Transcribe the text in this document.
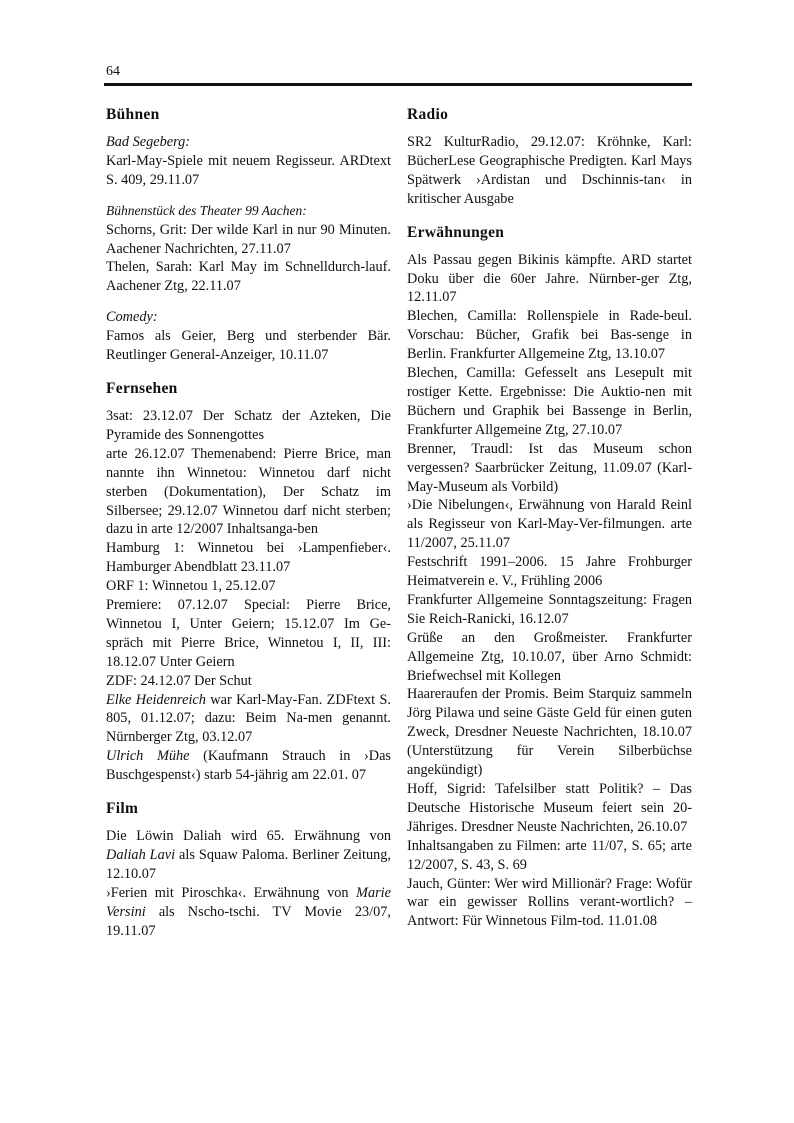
64
Bühnen

Bad Segeberg:

Karl-May-Spiele mit neuem Regisseur. ARDtext S. 409, 29.11.07

Bühnenstück des Theater 99 Aachen:

Schorns, Grit: Der wilde Karl in nur 90 Minuten. Aachener Nachrichten, 27.11.07

Thelen, Sarah: Karl May im Schnelldurch-lauf. Aachener Ztg, 22.11.07

Comedy:

Famos als Geier, Berg und sterbender Bär. Reutlinger General-Anzeiger, 10.11.07

Fernsehen

3sat: 23.12.07 Der Schatz der Azteken, Die Pyramide des Sonnengottes

arte 26.12.07 Themenabend: Pierre Brice, man nannte ihn Winnetou: Winnetou darf nicht sterben (Dokumentation), Der Schatz im Silbersee; 29.12.07 Winnetou darf nicht sterben; dazu in arte 12/2007 Inhaltsanga-ben

Hamburg 1: Winnetou bei ›Lampenfieber‹. Hamburger Abendblatt 23.11.07

ORF 1: Winnetou 1, 25.12.07

Premiere: 07.12.07 Special: Pierre Brice, Winnetou I, Unter Geiern; 15.12.07 Im Ge-spräch mit Pierre Brice, Winnetou I, II, III: 18.12.07 Unter Geiern

ZDF: 24.12.07 Der Schut

Elke Heidenreich war Karl-May-Fan. ZDFtext S. 805, 01.12.07; dazu: Beim Na-men genannt. Nürnberger Ztg, 03.12.07

Ulrich Mühe (Kaufmann Strauch in ›Das Buschgespenst‹) starb 54-jährig am 22.01. 07

Film

Die Löwin Daliah wird 65. Erwähnung von Daliah Lavi als Squaw Paloma. Berliner Zeitung, 12.10.07

›Ferien mit Piroschka‹. Erwähnung von Marie Versini als Nscho-tschi. TV Movie 23/07, 19.11.07

Radio

SR2 KulturRadio, 29.12.07: Kröhnke, Karl: BücherLese Geographische Predigten. Karl Mays Spätwerk ›Ardistan und Dschinnis-tan‹ in kritischer Ausgabe

Erwähnungen

Als Passau gegen Bikinis kämpfte. ARD startet Doku über die 60er Jahre. Nürnber-ger Ztg, 12.11.07

Blechen, Camilla: Rollenspiele in Rade-beul. Vorschau: Bücher, Grafik bei Bas-senge in Berlin. Frankfurter Allgemeine Ztg, 13.10.07

Blechen, Camilla: Gefesselt ans Lesepult mit rostiger Kette. Ergebnisse: Die Auktio-nen mit Büchern und Graphik bei Bassenge in Berlin, Frankfurter Allgemeine Ztg, 27.10.07

Brenner, Traudl: Ist das Museum schon vergessen? Saarbrücker Zeitung, 11.09.07 (Karl-May-Museum als Vorbild)

›Die Nibelungen‹, Erwähnung von Harald Reinl als Regisseur von Karl-May-Ver-filmungen. arte 11/2007, 25.11.07

Festschrift 1991–2006. 15 Jahre Frohburger Heimatverein e. V., Frühling 2006

Frankfurter Allgemeine Sonntagszeitung: Fragen Sie Reich-Ranicki, 16.12.07

Grüße an den Großmeister. Frankfurter Allgemeine Ztg, 10.10.07, über Arno Schmidt: Briefwechsel mit Kollegen

Haareraufen der Promis. Beim Starquiz sammeln Jörg Pilawa und seine Gäste Geld für einen guten Zweck, Dresdner Neueste Nachrichten, 18.10.07 (Unterstützung für Verein Silberbüchse angekündigt)

Hoff, Sigrid: Tafelsilber statt Politik? – Das Deutsche Historische Museum feiert sein 20-Jähriges. Dresdner Neuste Nachrichten, 26.10.07

Inhaltsangaben zu Filmen: arte 11/07, S. 65; arte 12/2007, S. 43, S. 69

Jauch, Günter: Wer wird Millionär? Frage: Wofür war ein gewisser Rollins verant-wortlich? – Antwort: Für Winnetous Film-tod. 11.01.08
